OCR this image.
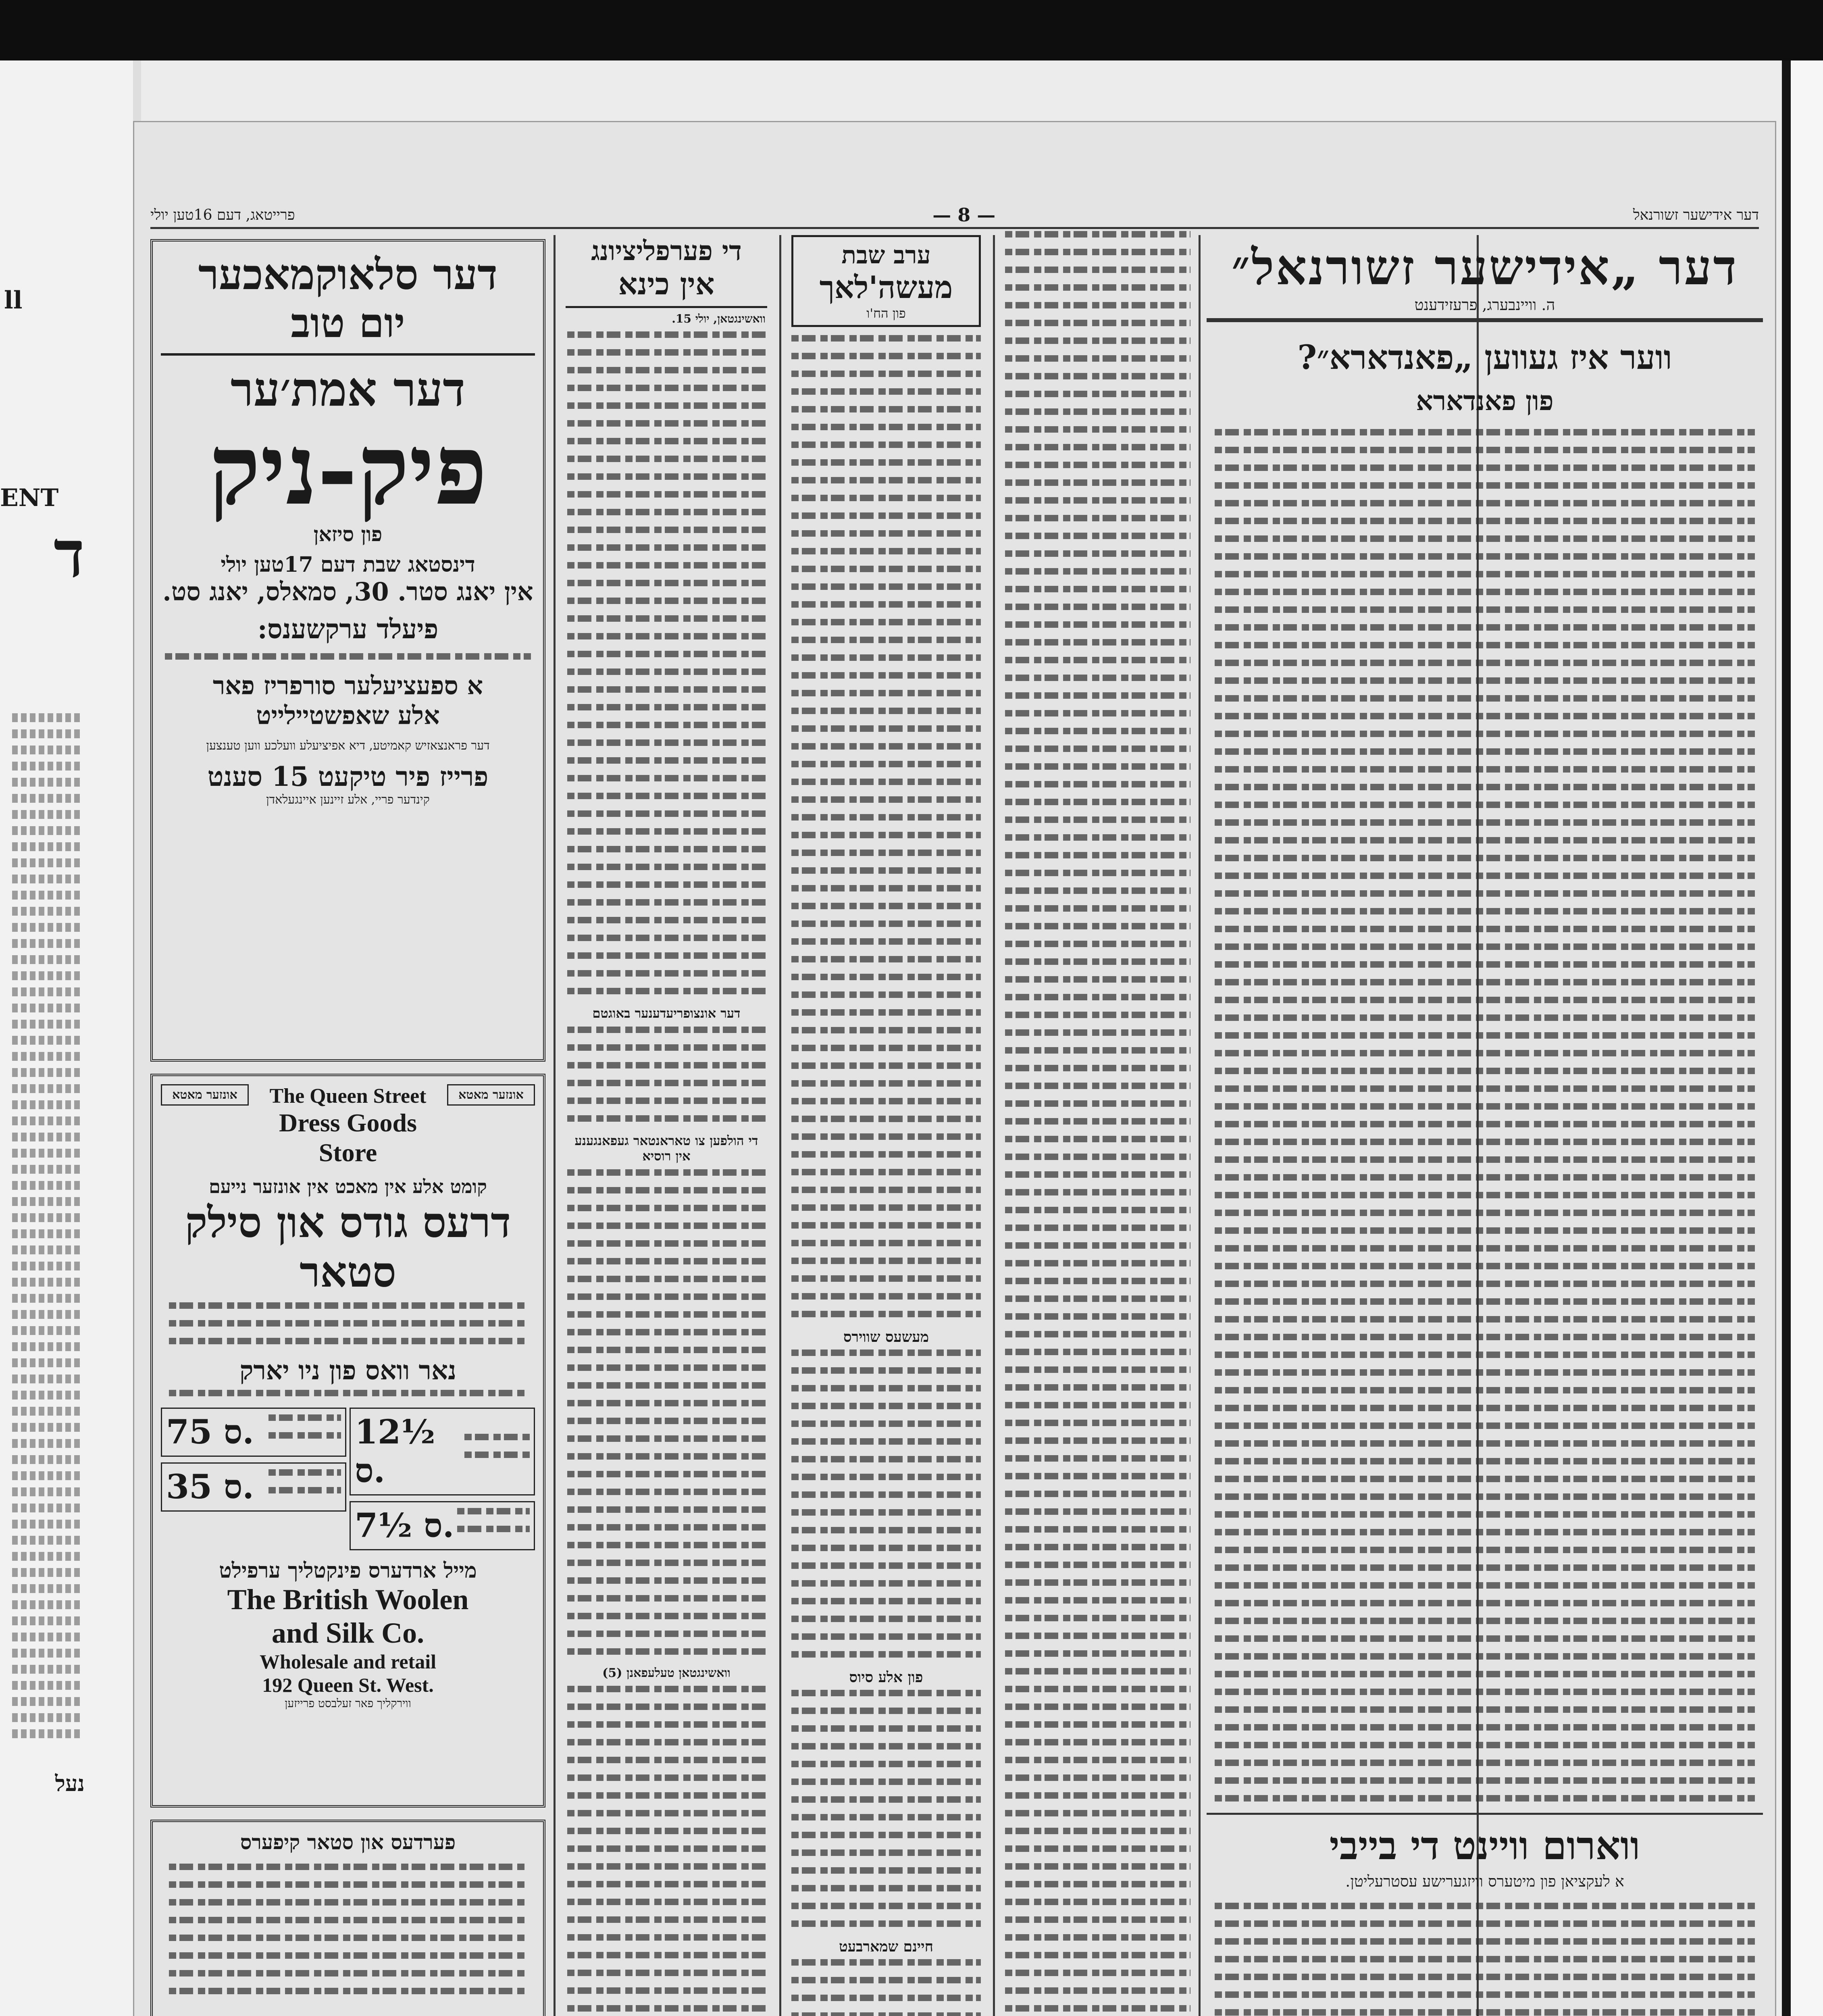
ll
ENT
ד
נעל
פרייטאג, דעם 16טען יולי	— 8 —	דער אידישער זשורנאל
דער „אידישער זשורנאל״
ה. וויינבערג, פרעזידענט
ווער איז געווען „פאנדארא״?
פון פאנדארא
ווארום וויינט די בייבי
א לעקציאן פון מיטערס וויזגערישע עסטרעליטן.
ערב שבת
מעשה'לאך
פון הח'ו
מעשעס שווירס
פון אלע סיוס
חיינם שמארבעט
די פערפליציונג
אין כינא
וואשינגטאן, יולי 15.
דער אונצופריעדענער באוגטם
די הולפען צו טאראנטאר געפאנגענע
אין רוסיא
וואשינגטאן טעלעפאנן (5)
דער סלאוקמאכער
יום טוב
דער אמת׳ער
פיק-ניק
פון סיזאן
דינסטאג שבת דעם 17טען יולי
אין יאנג סטר. 30, סמאלס, יאנג סט.
פיעלד ערקשענס:
א ספעציעלער סורפריז פאר
אלע שאפשטיילייט
דער פראנצאזיש קאמיטע, דיא אפיציעלע וועלכע ווען טענצען
פרייז פיר טיקעט 15 סענט
קינדער פריי, אלע זיינען איינגעלאדן
אונזער מאטא	The Queen Street
Dress Goods
Store
אונזער מאטא
קומט אלע אין מאכט אין אונזער נייעם
דרעס גודס און סילק
סטאר
נאר וואס פון ניו יארק
75 ס.
35 ס.
12½ ס.
7½ ס.
מייל ארדערס פינקטליך ערפילט
The British Woolen
and Silk Co.
Wholesale and retail
192 Queen St. West.
ווירקליך פאר זעלבסט פרייזען
פערדעס און סטאר קיפערס
